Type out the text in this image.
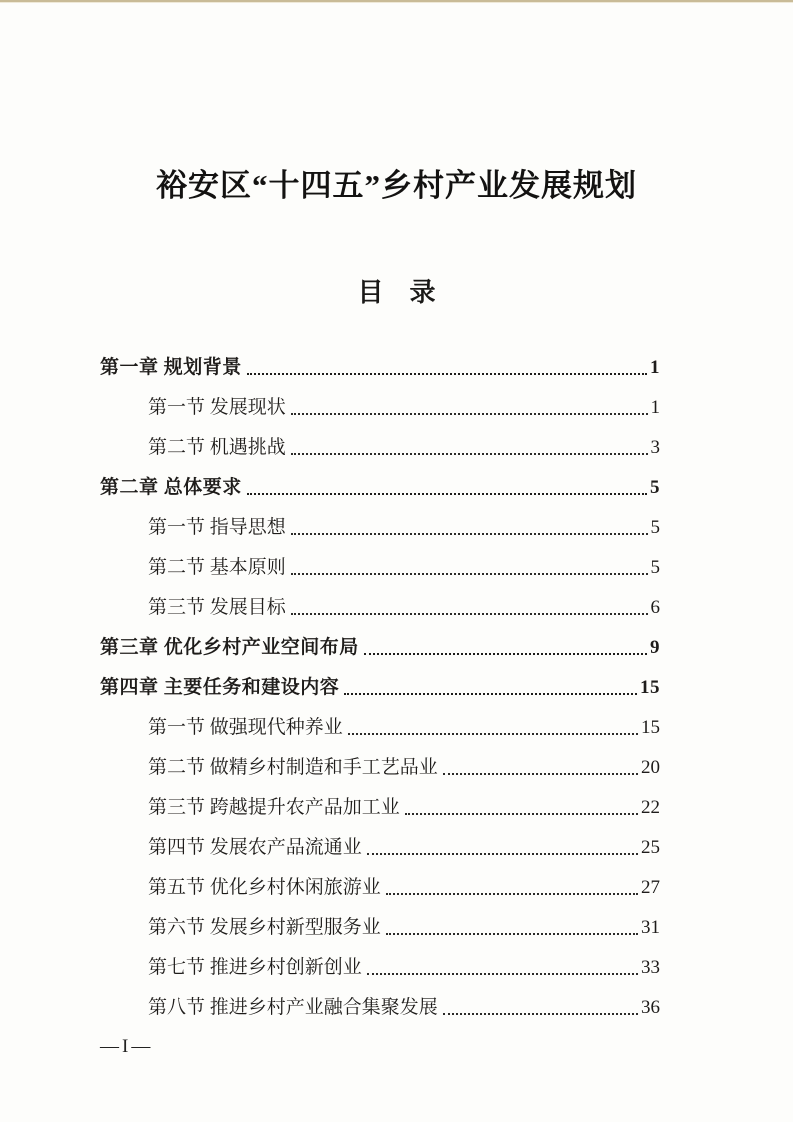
裕安区“十四五”乡村产业发展规划
目　录
第一章 规划背景	1
第一节 发展现状	1
第二节 机遇挑战	3
第二章 总体要求	5
第一节 指导思想	5
第二节 基本原则	5
第三节 发展目标	6
第三章 优化乡村产业空间布局	9
第四章 主要任务和建设内容	15
第一节 做强现代种养业	15
第二节 做精乡村制造和手工艺品业	20
第三节 跨越提升农产品加工业	22
第四节 发展农产品流通业	25
第五节 优化乡村休闲旅游业	27
第六节 发展乡村新型服务业	31
第七节 推进乡村创新创业	33
第八节 推进乡村产业融合集聚发展	36
—I—
